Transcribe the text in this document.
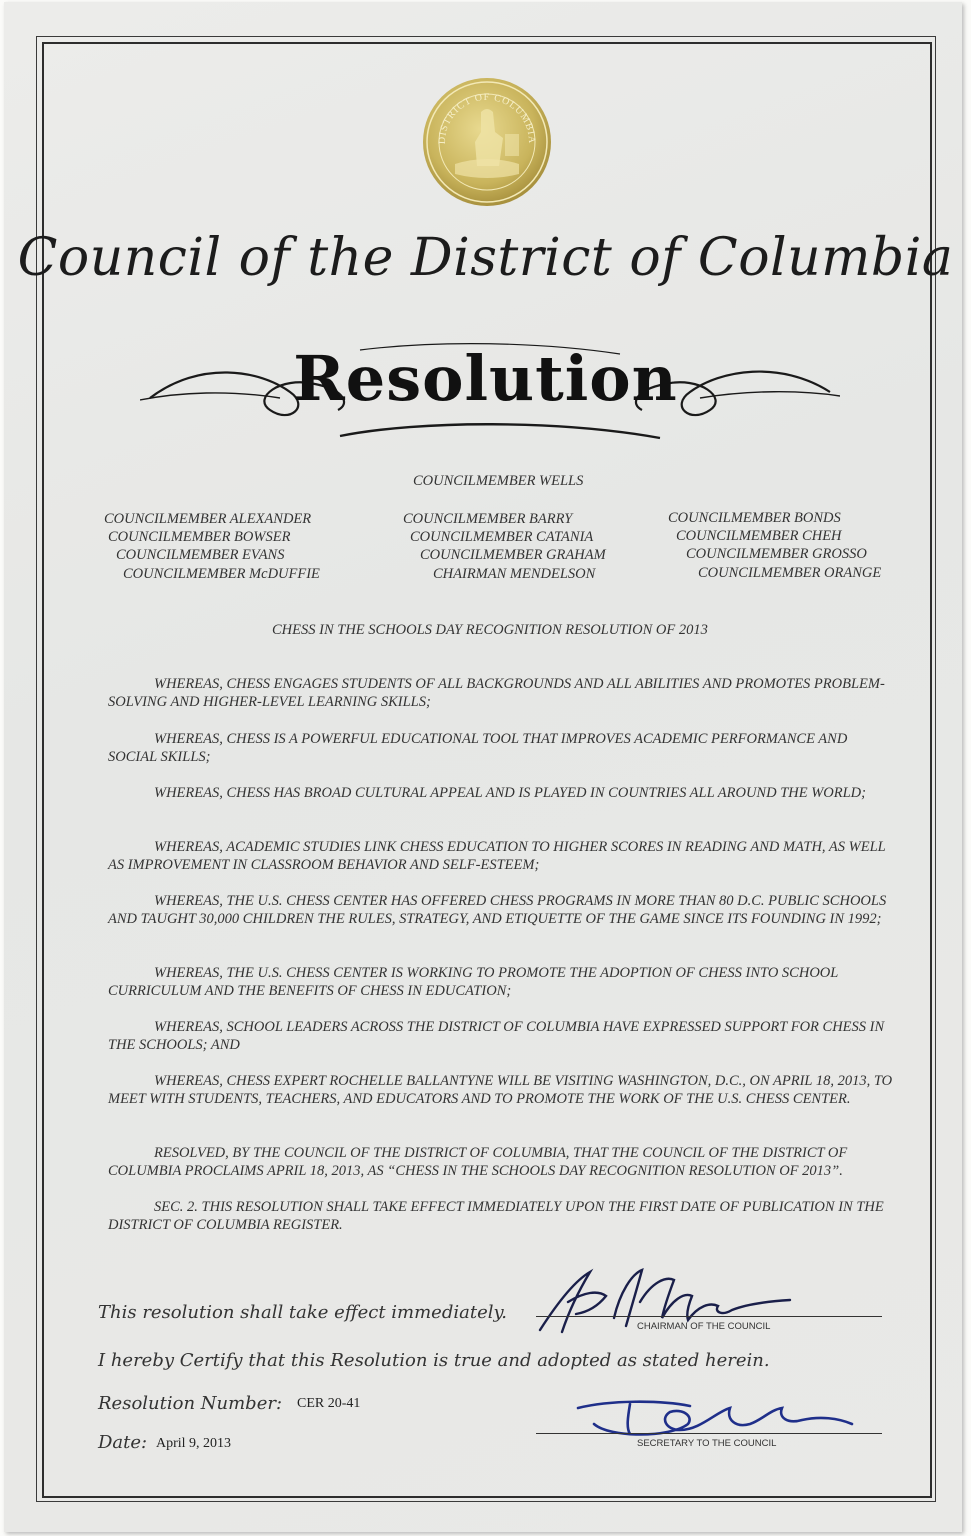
DISTRICT OF COLUMBIA
Council of the District of Columbia
Resolution
COUNCILMEMBER WELLS
COUNCILMEMBER ALEXANDER
COUNCILMEMBER BOWSER
COUNCILMEMBER EVANS
COUNCILMEMBER McDUFFIE
COUNCILMEMBER BARRY
COUNCILMEMBER CATANIA
COUNCILMEMBER GRAHAM
CHAIRMAN MENDELSON
COUNCILMEMBER BONDS
COUNCILMEMBER CHEH
COUNCILMEMBER GROSSO
COUNCILMEMBER ORANGE
CHESS IN THE SCHOOLS DAY RECOGNITION RESOLUTION OF 2013
WHEREAS, CHESS ENGAGES STUDENTS OF ALL BACKGROUNDS AND ALL ABILITIES AND PROMOTES PROBLEM-SOLVING AND HIGHER-LEVEL LEARNING SKILLS;
WHEREAS, CHESS IS A POWERFUL EDUCATIONAL TOOL THAT IMPROVES ACADEMIC PERFORMANCE AND SOCIAL SKILLS;
WHEREAS, CHESS HAS BROAD CULTURAL APPEAL AND IS PLAYED IN COUNTRIES ALL AROUND THE WORLD;
WHEREAS, ACADEMIC STUDIES LINK CHESS EDUCATION TO HIGHER SCORES IN READING AND MATH, AS WELL AS IMPROVEMENT IN CLASSROOM BEHAVIOR AND SELF-ESTEEM;
WHEREAS, THE U.S. CHESS CENTER HAS OFFERED CHESS PROGRAMS IN MORE THAN 80 D.C. PUBLIC SCHOOLS AND TAUGHT 30,000 CHILDREN THE RULES, STRATEGY, AND ETIQUETTE OF THE GAME SINCE ITS FOUNDING IN 1992;
WHEREAS, THE U.S. CHESS CENTER IS WORKING TO PROMOTE THE ADOPTION OF CHESS INTO SCHOOL CURRICULUM AND THE BENEFITS OF CHESS IN EDUCATION;
WHEREAS, SCHOOL LEADERS ACROSS THE DISTRICT OF COLUMBIA HAVE EXPRESSED SUPPORT FOR CHESS IN THE SCHOOLS; AND
WHEREAS, CHESS EXPERT ROCHELLE BALLANTYNE WILL BE VISITING WASHINGTON, D.C., ON APRIL 18, 2013, TO MEET WITH STUDENTS, TEACHERS, AND EDUCATORS AND TO PROMOTE THE WORK OF THE U.S. CHESS CENTER.
RESOLVED, BY THE COUNCIL OF THE DISTRICT OF COLUMBIA, THAT THE COUNCIL OF THE DISTRICT OF COLUMBIA PROCLAIMS APRIL 18, 2013, AS “CHESS IN THE SCHOOLS DAY RECOGNITION RESOLUTION OF 2013”.
SEC. 2. THIS RESOLUTION SHALL TAKE EFFECT IMMEDIATELY UPON THE FIRST DATE OF PUBLICATION IN THE DISTRICT OF COLUMBIA REGISTER.
This resolution shall take effect immediately.
CHAIRMAN OF THE COUNCIL
I hereby Certify that this Resolution is true and adopted as stated herein.
Resolution Number: CER 20-41
SECRETARY TO THE COUNCIL
Date: April 9, 2013
